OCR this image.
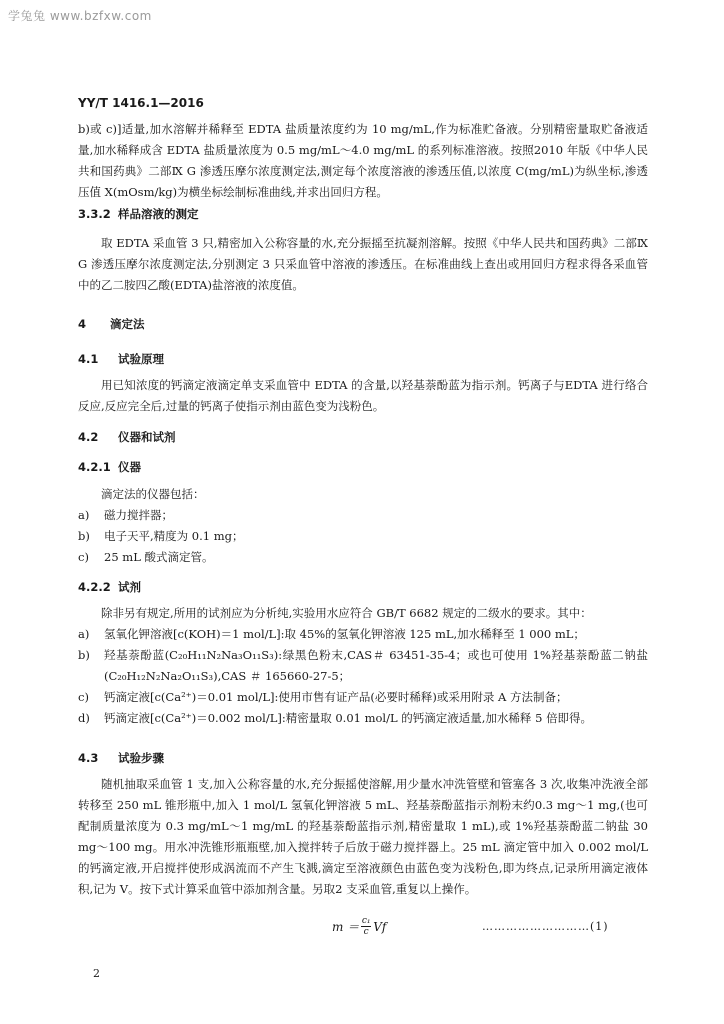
学兔兔 www.bzfxw.com
YY/T 1416.1—2016
b)或 c)]适量,加水溶解并稀释至 EDTA 盐质量浓度约为 10 mg/mL,作为标准贮备液。分别精密量取贮备液适量,加水稀释成含 EDTA 盐质量浓度为 0.5 mg/mL～4.0 mg/mL 的系列标准溶液。按照2010 年版《中华人民共和国药典》二部Ⅸ G 渗透压摩尔浓度测定法,测定每个浓度溶液的渗透压值,以浓度 C(mg/mL)为纵坐标,渗透压值 X(mOsm/kg)为横坐标绘制标准曲线,并求出回归方程。
3.3.2 样品溶液的测定
取 EDTA 采血管 3 只,精密加入公称容量的水,充分振摇至抗凝剂溶解。按照《中华人民共和国药典》二部Ⅸ G 渗透压摩尔浓度测定法,分别测定 3 只采血管中溶液的渗透压。在标准曲线上查出或用回归方程求得各采血管中的乙二胺四乙酸(EDTA)盐溶液的浓度值。
4 滴定法
4.1 试验原理
用已知浓度的钙滴定液滴定单支采血管中 EDTA 的含量,以羟基萘酚蓝为指示剂。钙离子与EDTA 进行络合反应,反应完全后,过量的钙离子使指示剂由蓝色变为浅粉色。
4.2 仪器和试剂
4.2.1 仪器
滴定法的仪器包括：
a) 磁力搅拌器；
b) 电子天平,精度为 0.1 mg；
c) 25 mL 酸式滴定管。
4.2.2 试剂
除非另有规定,所用的试剂应为分析纯,实验用水应符合 GB/T 6682 规定的二级水的要求。其中：
a) 氢氧化钾溶液[c(KOH)＝1 mol/L]:取 45%的氢氧化钾溶液 125 mL,加水稀释至 1 000 mL；
b) 羟基萘酚蓝(C₂₀H₁₁N₂Na₃O₁₁S₃):绿黑色粉末,CAS＃ 63451-35-4；或也可使用 1%羟基萘酚蓝二钠盐(C₂₀H₁₂N₂Na₂O₁₁S₃),CAS ＃ 165660-27-5；
c) 钙滴定液[c(Ca²⁺)＝0.01 mol/L]:使用市售有证产品(必要时稀释)或采用附录 A 方法制备；
d) 钙滴定液[c(Ca²⁺)＝0.002 mol/L]:精密量取 0.01 mol/L 的钙滴定液适量,加水稀释 5 倍即得。
4.3 试验步骤
随机抽取采血管 1 支,加入公称容量的水,充分振摇使溶解,用少量水冲洗管壁和管塞各 3 次,收集冲洗液全部转移至 250 mL 锥形瓶中,加入 1 mol/L 氢氧化钾溶液 5 mL、羟基萘酚蓝指示剂粉末约0.3 mg～1 mg,(也可配制质量浓度为 0.3 mg/mL～1 mg/mL 的羟基萘酚蓝指示剂,精密量取 1 mL),或 1%羟基萘酚蓝二钠盐 30 mg～100 mg。用水冲洗锥形瓶瓶壁,加入搅拌转子后放于磁力搅拌器上。25 mL 滴定管中加入 0.002 mol/L 的钙滴定液,开启搅拌使形成涡流而不产生飞溅,滴定至溶液颜色由蓝色变为浅粉色,即为终点,记录所用滴定液体积,记为 V。按下式计算采血管中添加剂含量。另取2 支采血管,重复以上操作。
$m = \frac{\text{c₁}}{c}$ Vf	………………………(1)
2
